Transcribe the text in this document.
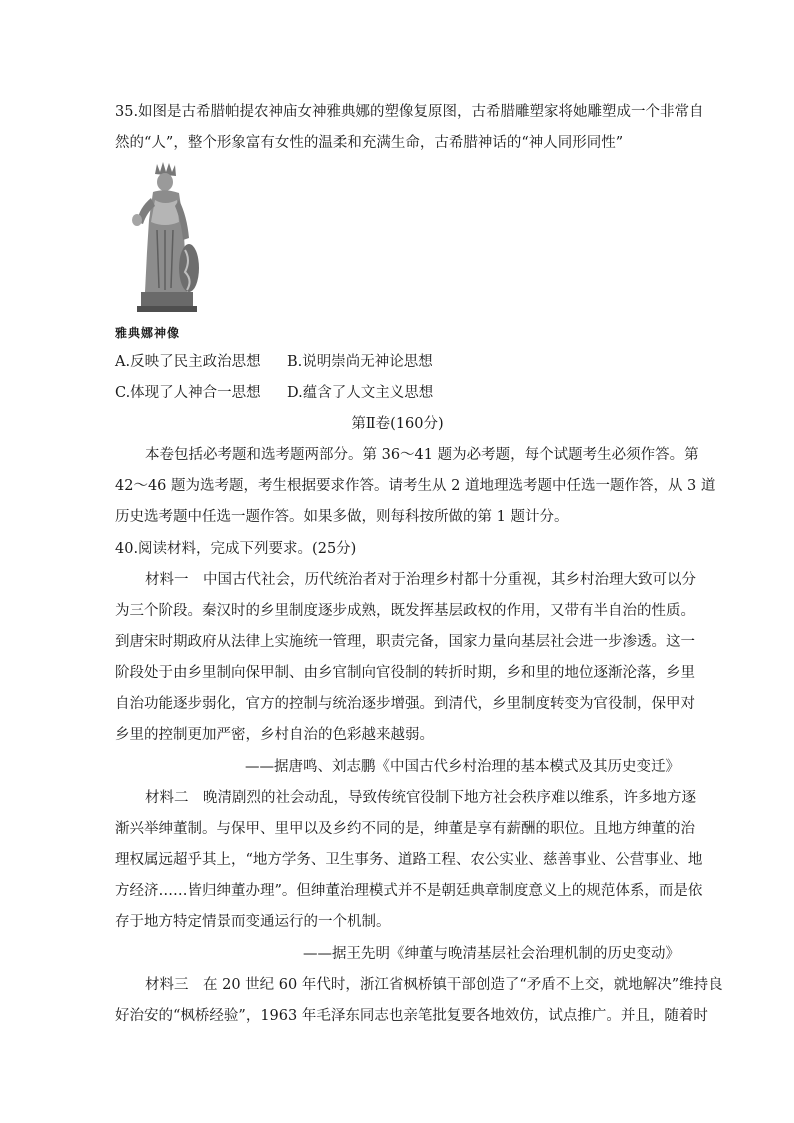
35.如图是古希腊帕提农神庙女神雅典娜的塑像复原图，古希腊雕塑家将她雕塑成一个非常自
然的“人”，整个形象富有女性的温柔和充满生命，古希腊神话的“神人同形同性”
雅典娜神像
A.反映了民主政治思想 B.说明崇尚无神论思想
C.体现了人神合一思想 D.蕴含了人文主义思想
第Ⅱ卷(160分)
本卷包括必考题和选考题两部分。第 36～41 题为必考题，每个试题考生必须作答。第
42～46 题为选考题，考生根据要求作答。请考生从 2 道地理选考题中任选一题作答，从 3 道
历史选考题中任选一题作答。如果多做，则每科按所做的第 1 题计分。
40.阅读材料，完成下列要求。(25分)
材料一　中国古代社会，历代统治者对于治理乡村都十分重视，其乡村治理大致可以分
为三个阶段。秦汉时的乡里制度逐步成熟，既发挥基层政权的作用，又带有半自治的性质。
到唐宋时期政府从法律上实施统一管理，职责完备，国家力量向基层社会进一步渗透。这一
阶段处于由乡里制向保甲制、由乡官制向官役制的转折时期，乡和里的地位逐渐沦落，乡里
自治功能逐步弱化，官方的控制与统治逐步增强。到清代，乡里制度转变为官役制，保甲对
乡里的控制更加严密，乡村自治的色彩越来越弱。
——据唐鸣、刘志鹏《中国古代乡村治理的基本模式及其历史变迁》
材料二　晚清剧烈的社会动乱，导致传统官役制下地方社会秩序难以维系，许多地方逐
渐兴举绅董制。与保甲、里甲以及乡约不同的是，绅董是享有薪酬的职位。且地方绅董的治
理权属远超乎其上，“地方学务、卫生事务、道路工程、农公实业、慈善事业、公营事业、地
方经济……皆归绅董办理”。但绅董治理模式并不是朝廷典章制度意义上的规范体系，而是依
存于地方特定情景而变通运行的一个机制。
——据王先明《绅董与晚清基层社会治理机制的历史变动》
材料三　在 20 世纪 60 年代时，浙江省枫桥镇干部创造了“矛盾不上交，就地解决”维持良
好治安的“枫桥经验”，1963 年毛泽东同志也亲笔批复要各地效仿，试点推广。并且，随着时
